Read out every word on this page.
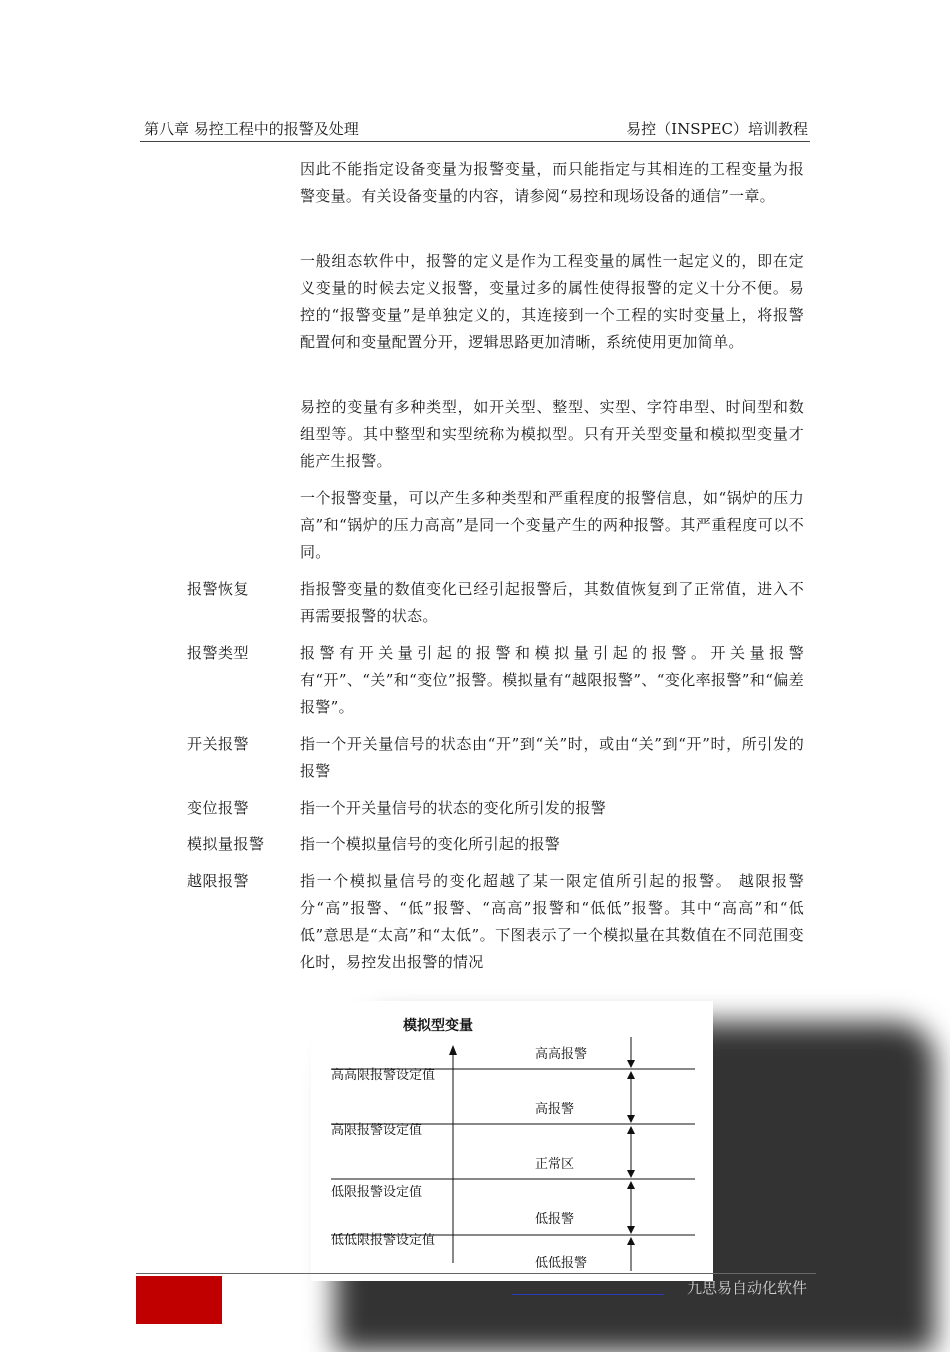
第八章 易控工程中的报警及处理	易控（INSPEC）培训教程

因此不能指定设备变量为报警变量，而只能指定与其相连的工程变量为报警变量。有关设备变量的内容，请参阅“易控和现场设备的通信”一章。

一般组态软件中，报警的定义是作为工程变量的属性一起定义的，即在定义变量的时候去定义报警，变量过多的属性使得报警的定义十分不便。易控的“报警变量”是单独定义的，其连接到一个工程的实时变量上，将报警配置何和变量配置分开，逻辑思路更加清晰，系统使用更加简单。

易控的变量有多种类型，如开关型、整型、实型、字符串型、时间型和数组型等。其中整型和实型统称为模拟型。只有开关型变量和模拟型变量才能产生报警。

一个报警变量，可以产生多种类型和严重程度的报警信息，如“锅炉的压力高”和“锅炉的压力高高”是同一个变量产生的两种报警。其严重程度可以不同。

报警恢复	指报警变量的数值变化已经引起报警后，其数值恢复到了正常值，进入不再需要报警的状态。

报警类型	报警有开关量引起的报警和模拟量引起的报警。开关量报警有“开”、“关”和“变位”报警。模拟量有“越限报警”、“变化率报警”和“偏差报警”。

开关报警	指一个开关量信号的状态由“开”到“关”时，或由“关”到“开”时，所引发的报警

变位报警	指一个开关量信号的状态的变化所引发的报警

模拟量报警 指一个模拟量信号的变化所引起的报警

越限报警	指一个模拟量信号的变化超越了某一限定值所引起的报警。 越限报警分“高”报警、“低”报警、“高高”报警和“低低”报警。其中“高高”和“低低”意思是“太高”和“太低”。下图表示了一个模拟量在其数值在不同范围变化时，易控发出报警的情况

模拟型变量
高高限报警设定值
高限报警设定值
低限报警设定值
低低限报警设定值
高高报警
高报警
正常区
低报警
低低报警
九思易自动化软件
